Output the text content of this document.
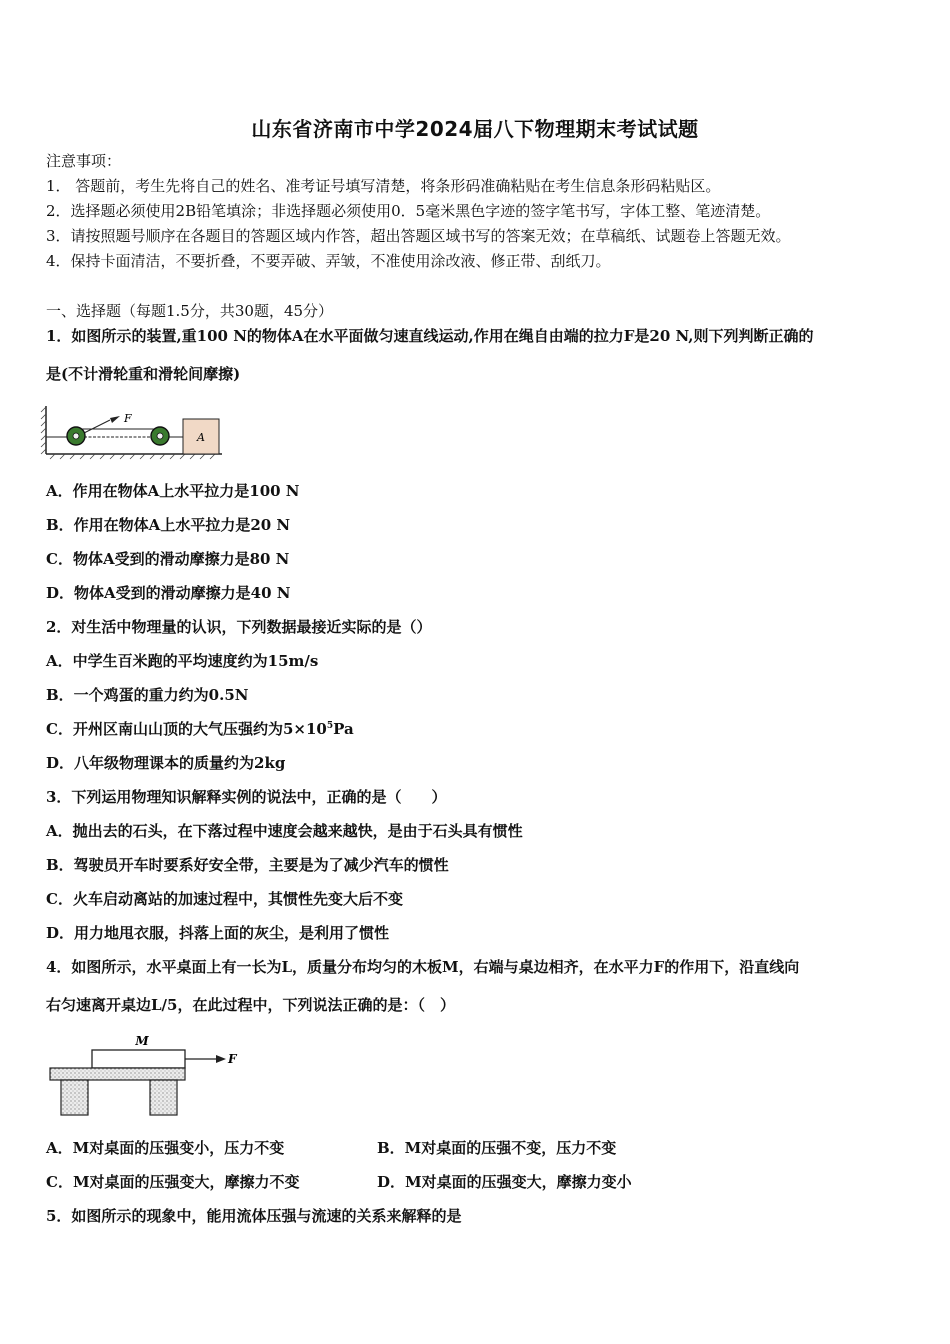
山东省济南市中学2024届八下物理期末考试试题
注意事项：
1． 答题前，考生先将自己的姓名、准考证号填写清楚，将条形码准确粘贴在考生信息条形码粘贴区。
2．选择题必须使用2B铅笔填涂；非选择题必须使用0．5毫米黑色字迹的签字笔书写，字体工整、笔迹清楚。
3．请按照题号顺序在各题目的答题区域内作答，超出答题区域书写的答案无效；在草稿纸、试题卷上答题无效。
4．保持卡面清洁，不要折叠，不要弄破、弄皱，不准使用涂改液、修正带、刮纸刀。
一、选择题（每题1.5分，共30题，45分）
1．如图所示的装置,重100 N的物体A在水平面做匀速直线运动,作用在绳自由端的拉力F是20 N,则下列判断正确的
是(不计滑轮重和滑轮间摩擦)
A
F
A．作用在物体A上水平拉力是100 N
B．作用在物体A上水平拉力是20 N
C．物体A受到的滑动摩擦力是80 N
D．物体A受到的滑动摩擦力是40 N
2．对生活中物理量的认识，下列数据最接近实际的是（）
A．中学生百米跑的平均速度约为15m/s
B．一个鸡蛋的重力约为0.5N
C．开州区南山山顶的大气压强约为$5\times 10^5Pa$
D．八年级物理课本的质量约为2kg
3．下列运用物理知识解释实例的说法中，正确的是（　　）
A．抛出去的石头，在下落过程中速度会越来越快，是由于石头具有惯性
B．驾驶员开车时要系好安全带，主要是为了减少汽车的惯性
C．火车启动离站的加速过程中，其惯性先变大后不变
D．用力地甩衣服，抖落上面的灰尘，是利用了惯性
4．如图所示，水平桌面上有一长为L，质量分布均匀的木板M，右端与桌边相齐，在水平力F的作用下，沿直线向
右匀速离开桌边L/5，在此过程中，下列说法正确的是：（　）
M
F
A．M对桌面的压强变小，压力不变	B．M对桌面的压强不变，压力不变
C．M对桌面的压强变大，摩擦力不变	D．M对桌面的压强变大，摩擦力变小
5．如图所示的现象中，能用流体压强与流速的关系来解释的是
